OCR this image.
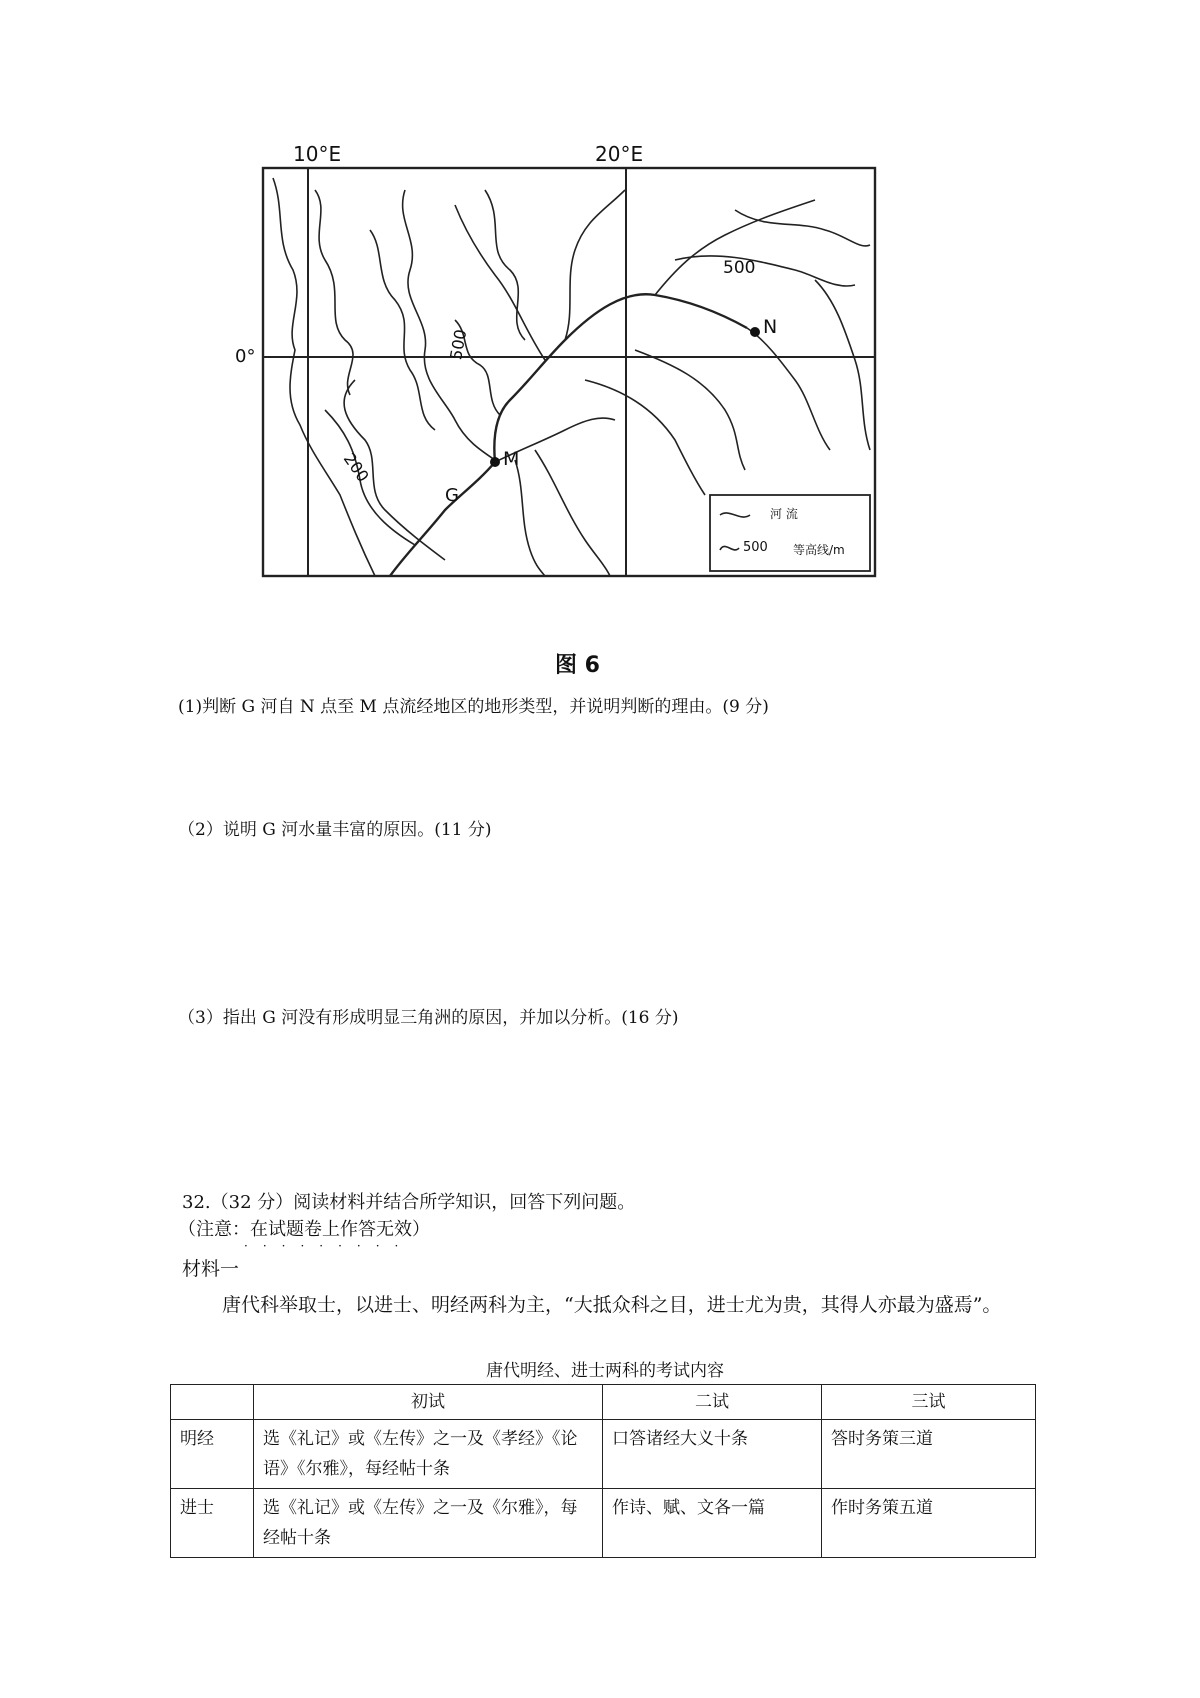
10°E	20°E
0°
500
500
200
N
M
G
河 流
500 等高线/m
图 6
(1)判断 G 河自 N 点至 M 点流经地区的地形类型，并说明判断的理由。(9 分)
（2）说明 G 河水量丰富的原因。(11 分)
（3）指出 G 河没有形成明显三角洲的原因，并加以分析。(16 分)
32.（32 分）阅读材料并结合所学知识，回答下列问题。
（注意：在试题卷上作答无效）
·········
材料一
唐代科举取士，以进士、明经两科为主，“大抵众科之目，进士尤为贵，其得人亦最为盛焉”。
唐代明经、进士两科的考试内容
	初试	二试	三试
明经	选《礼记》或《左传》之一及《孝经》《论语》《尔雅》，每经帖十条	口答诸经大义十条	答时务策三道
进士	选《礼记》或《左传》之一及《尔雅》，每经帖十条	作诗、赋、文各一篇	作时务策五道
